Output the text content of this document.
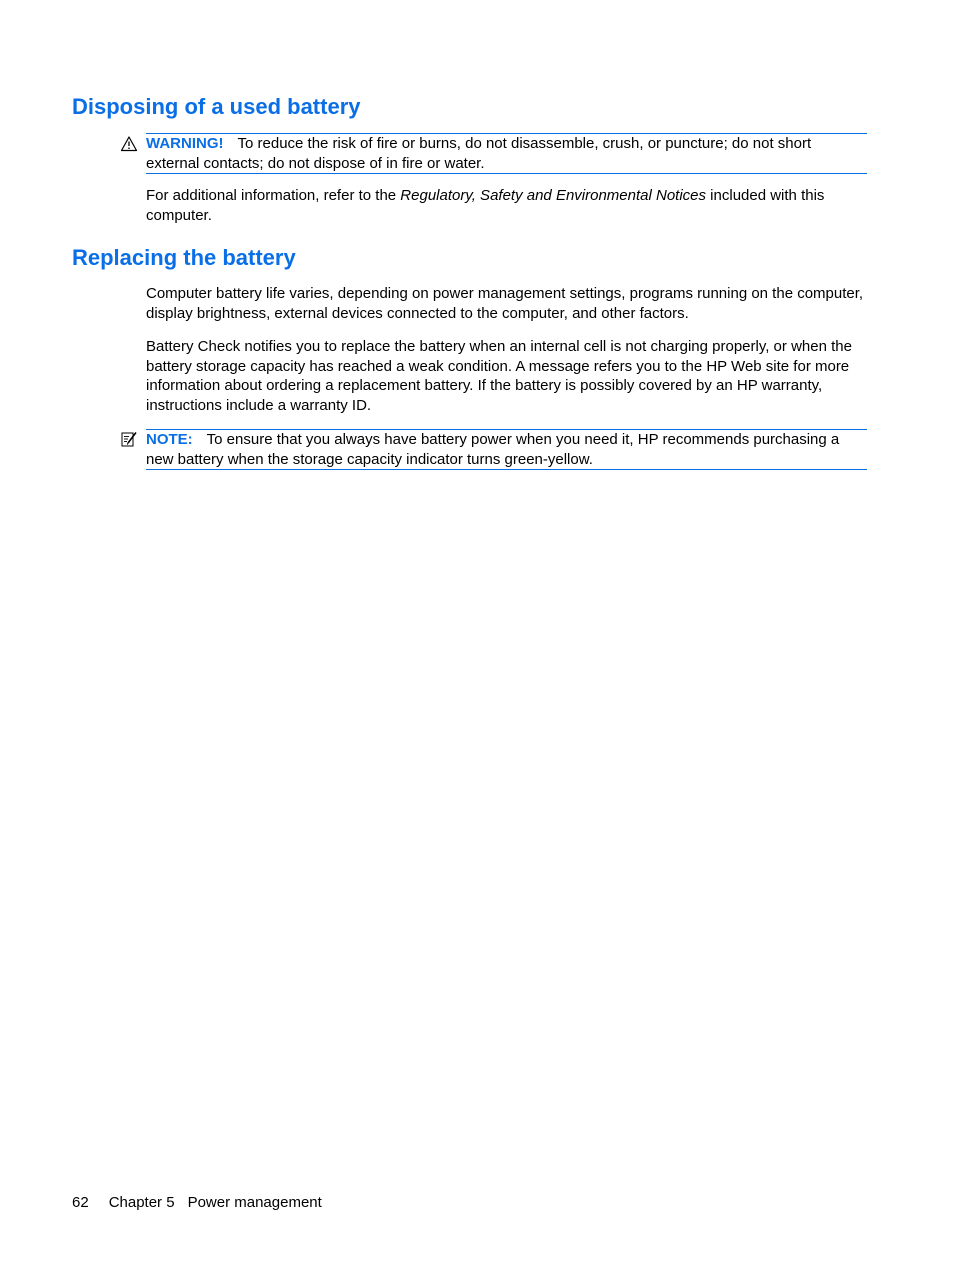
Disposing of a used battery
WARNING! To reduce the risk of fire or burns, do not disassemble, crush, or puncture; do not short external contacts; do not dispose of in fire or water.

For additional information, refer to the Regulatory, Safety and Environmental Notices included with this computer.

Replacing the battery

Computer battery life varies, depending on power management settings, programs running on the computer, display brightness, external devices connected to the computer, and other factors.

Battery Check notifies you to replace the battery when an internal cell is not charging properly, or when the battery storage capacity has reached a weak condition. A message refers you to the HP Web site for more information about ordering a replacement battery. If the battery is possibly covered by an HP warranty, instructions include a warranty ID.

NOTE: To ensure that you always have battery power when you need it, HP recommends purchasing a new battery when the storage capacity indicator turns green-yellow.
62 Chapter 5 Power management
